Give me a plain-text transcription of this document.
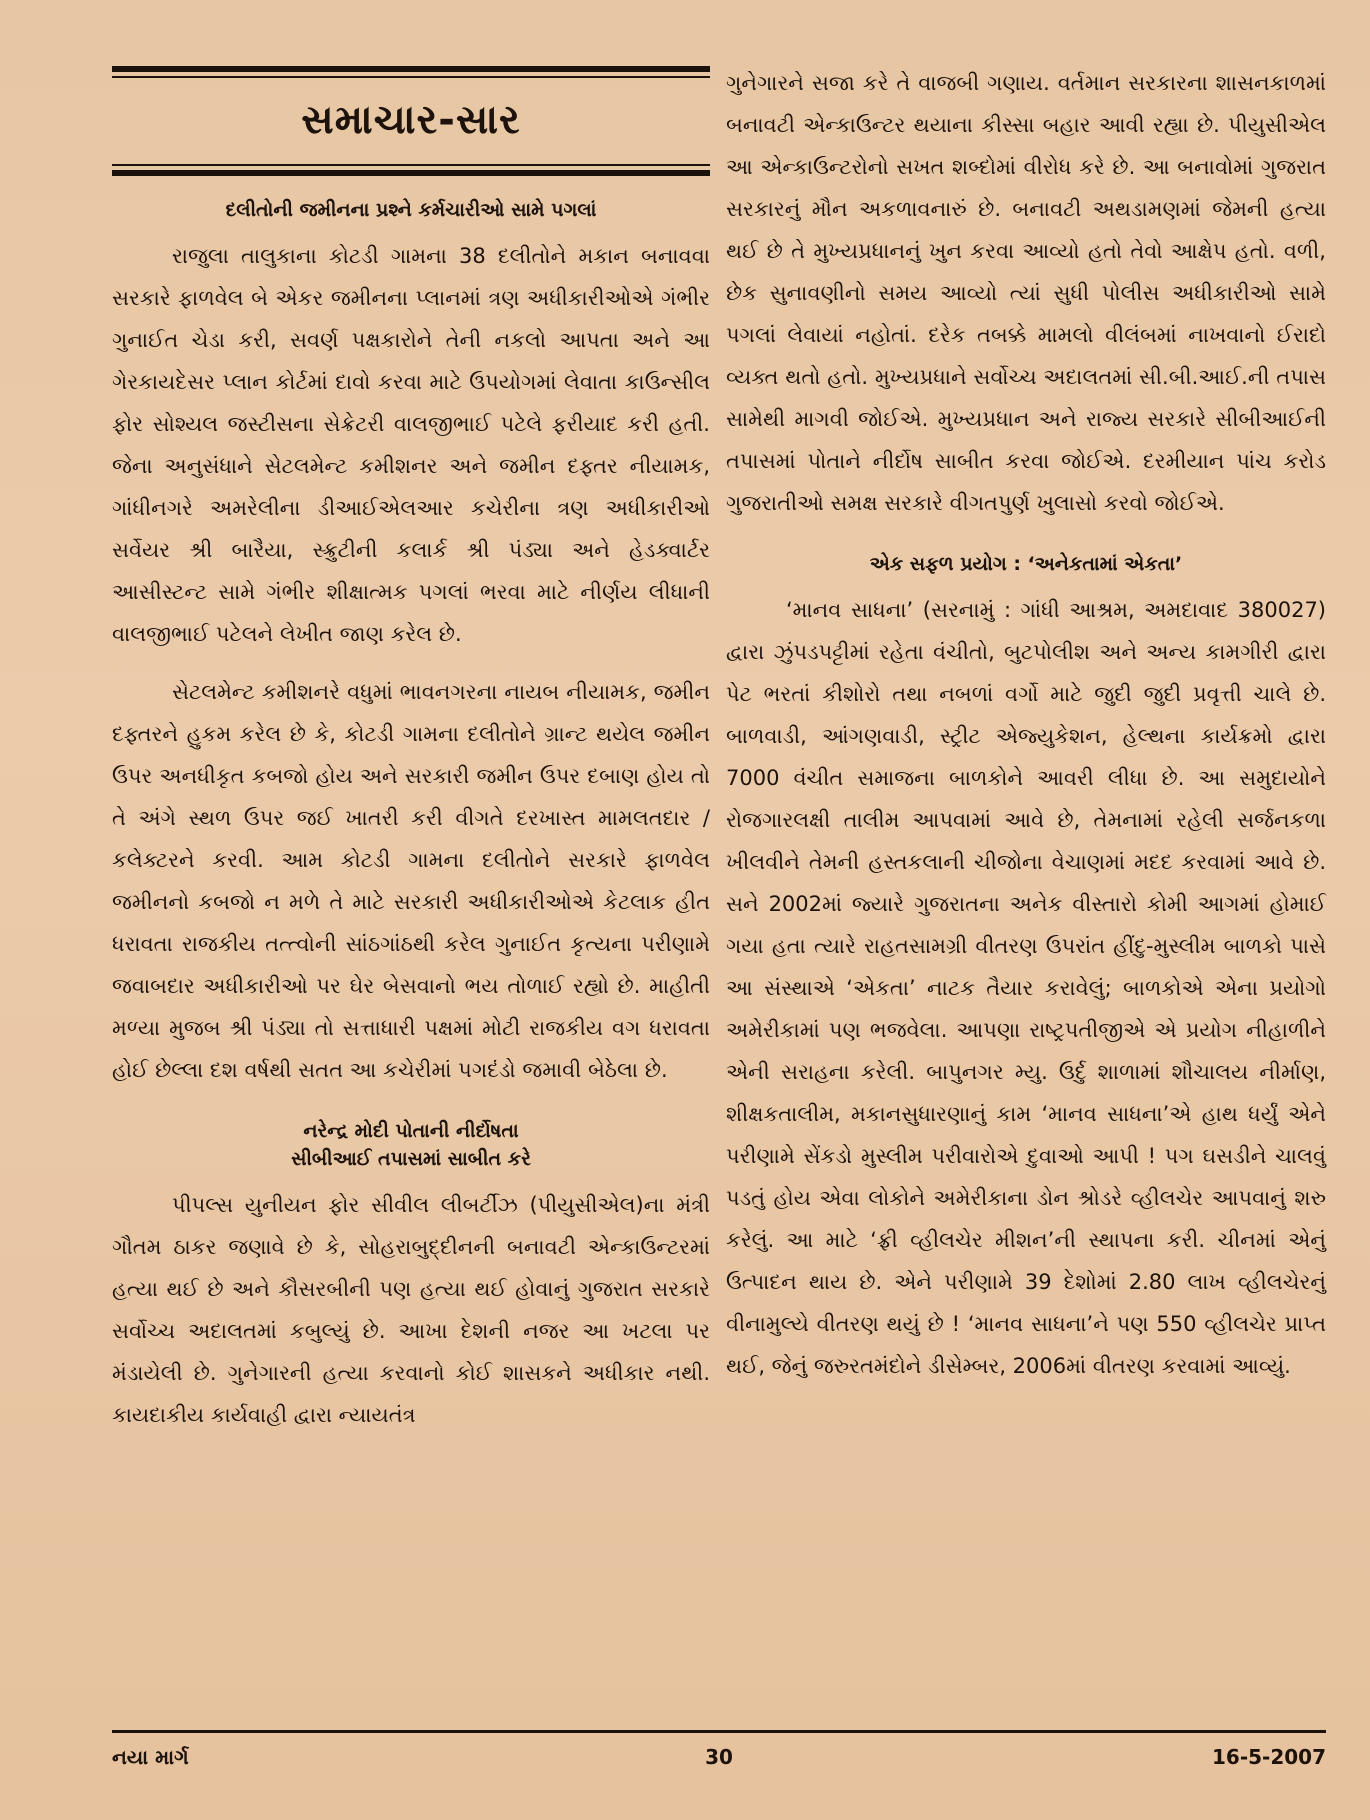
સમાચાર-સાર
દલીતોની જમીનના પ્રશ્ને કર્મચારીઓ સામે પગલાં

રાજુલા તાલુકાના કોટડી ગામના 38 દલીતોને મકાન બનાવવા સરકારે ફાળવેલ બે એકર જમીનના પ્લાનમાં ત્રણ અધીકારીઓએ ગંભીર ગુનાઈત ચેડા કરી, સવર્ણ પક્ષકારોને તેની નકલો આપતા અને આ ગેરકાયદેસર પ્લાન કોર્ટમાં દાવો કરવા માટે ઉપયોગમાં લેવાતા કાઉન્સીલ ફોર સોશ્યલ જસ્ટીસના સેક્રેટરી વાલજીભાઈ પટેલે ફરીયાદ કરી હતી. જેના અનુસંધાને સેટલમેન્ટ કમીશનર અને જમીન દફ્તર નીયામક, ગાંધીનગરે અમરેલીના ડીઆઈએલઆર કચેરીના ત્રણ અધીકારીઓ સર્વેયર શ્રી બારૈયા, સ્ક્રુટીની કલાર્ક શ્રી પંડ્યા અને હેડક્વાર્ટર આસીસ્ટન્ટ સામે ગંભીર શીક્ષાત્મક પગલાં ભરવા માટે નીર્ણય લીધાની વાલજીભાઈ પટેલને લેખીત જાણ કરેલ છે.

સેટલમેન્ટ કમીશનરે વધુમાં ભાવનગરના નાયબ નીયામક, જમીન દફ્તરને હુકમ કરેલ છે કે, કોટડી ગામના દલીતોને ગ્રાન્ટ થયેલ જમીન ઉપર અનધીકૃત કબજો હોય અને સરકારી જમીન ઉપર દબાણ હોય તો તે અંગે સ્થળ ઉપર જઈ ખાતરી કરી વીગતે દરખાસ્ત મામલતદાર /કલેક્ટરને કરવી. આમ કોટડી ગામના દલીતોને સરકારે ફાળવેલ જમીનનો કબજો ન મળે તે માટે સરકારી અધીકારીઓએ કેટલાક હીત ધરાવતા રાજકીય તત્ત્વોની સાંઠગાંઠથી કરેલ ગુનાઈત કૃત્યના પરીણામે જવાબદાર અધીકારીઓ પર ઘેર બેસવાનો ભય તોળાઈ રહ્યો છે. માહીતી મળ્યા મુજબ શ્રી પંડ્યા તો સત્તાધારી પક્ષમાં મોટી રાજકીય વગ ધરાવતા હોઈ છેલ્લા દશ વર્ષથી સતત આ કચેરીમાં પગદંડો જમાવી બેઠેલા છે.

નરેન્દ્ર મોદી પોતાની નીર્દોષતા
સીબીઆઈ તપાસમાં સાબીત કરે

પીપલ્સ યુનીયન ફોર સીવીલ લીબર્ટીઝ (પીયુસીએલ)ના મંત્રી ગૌતમ ઠાકર જણાવે છે કે, સોહરાબુદ્દીનની બનાવટી એન્કાઉન્ટરમાં હત્યા થઈ છે અને કૌસરબીની પણ હત્યા થઈ હોવાનું ગુજરાત સરકારે સર્વોચ્ચ અદાલતમાં કબુલ્યું છે. આખા દેશની નજર આ ખટલા પર મંડાયેલી છે. ગુનેગારની હત્યા કરવાનો કોઈ શાસકને અધીકાર નથી. કાયદાકીય કાર્યવાહી દ્વારા ન્યાયતંત્ર

ગુનેગારને સજા કરે તે વાજબી ગણાય. વર્તમાન સરકારના શાસનકાળમાં બનાવટી એન્કાઉન્ટર થયાના કીસ્સા બહાર આવી રહ્યા છે. પીયુસીએલ આ એન્કાઉન્ટરોનો સખત શબ્દોમાં વીરોધ કરે છે. આ બનાવોમાં ગુજરાત સરકારનું મૌન અકળાવનારું છે. બનાવટી અથડામણમાં જેમની હત્યા થઈ છે તે મુખ્યપ્રધાનનું ખુન કરવા આવ્યો હતો તેવો આક્ષેપ હતો. વળી, છેક સુનાવણીનો સમય આવ્યો ત્યાં સુધી પોલીસ અધીકારીઓ સામે પગલાં લેવાયાં નહોતાં. દરેક તબક્કે મામલો વીલંબમાં નાખવાનો ઈરાદો વ્યક્ત થતો હતો. મુખ્યપ્રધાને સર્વોચ્ચ અદાલતમાં સી.બી.આઈ.ની તપાસ સામેથી માગવી જોઈએ. મુખ્યપ્રધાન અને રાજ્ય સરકારે સીબીઆઈની તપાસમાં પોતાને નીર્દોષ સાબીત કરવા જોઈએ. દરમીયાન પાંચ કરોડ ગુજરાતીઓ સમક્ષ સરકારે વીગતપુર્ણ ખુલાસો કરવો જોઈએ.

એક સફળ પ્રયોગ : ‘અનેકતામાં એકતા’

‘માનવ સાધના’ (સરનામું : ગાંધી આશ્રમ, અમદાવાદ 380027) દ્વારા ઝુંપડપટ્ટીમાં રહેતા વંચીતો, બુટપોલીશ અને અન્ય કામગીરી દ્વારા પેટ ભરતાં કીશોરો તથા નબળાં વર્ગો માટે જુદી જુદી પ્રવૃત્તી ચાલે છે. બાળવાડી, આંગણવાડી, સ્ટ્રીટ એજ્યુકેશન, હેલ્થના કાર્યક્રમો દ્વારા 7000 વંચીત સમાજના બાળકોને આવરી લીધા છે. આ સમુદાયોને રોજગારલક્ષી તાલીમ આપવામાં આવે છે, તેમનામાં રહેલી સર્જનકળા ખીલવીને તેમની હસ્તકલાની ચીજોના વેચાણમાં મદદ કરવામાં આવે છે. સને 2002માં જ્યારે ગુજરાતના અનેક વીસ્તારો કોમી આગમાં હોમાઈ ગયા હતા ત્યારે રાહતસામગ્રી વીતરણ ઉપરાંત હીંદુ-મુસ્લીમ બાળકો પાસે આ સંસ્થાએ ‘એકતા’ નાટક તૈયાર કરાવેલું; બાળકોએ એના પ્રયોગો અમેરીકામાં પણ ભજવેલા. આપણા રાષ્ટ્રપતીજીએ એ પ્રયોગ નીહાળીને એની સરાહના કરેલી. બાપુનગર મ્યુ. ઉર્દુ શાળામાં શૌચાલય નીર્માણ, શીક્ષકતાલીમ, મકાનસુધારણાનું કામ ‘માનવ સાધના’એ હાથ ધર્યું એને પરીણામે સેંકડો મુસ્લીમ પરીવારોએ દુવાઓ આપી ! પગ ઘસડીને ચાલવું પડતું હોય એવા લોકોને અમેરીકાના ડોન શ્રોડરે વ્હીલચેર આપવાનું શરુ કરેલું. આ માટે ‘ફ્રી વ્હીલચેર મીશન’ની સ્થાપના કરી. ચીનમાં એનું ઉત્પાદન થાય છે. એને પરીણામે 39 દેશોમાં 2.80 લાખ વ્હીલચેરનું વીનામુલ્યે વીતરણ થયું છે ! ‘માનવ સાધના’ને પણ 550 વ્હીલચેર પ્રાપ્ત થઈ, જેનું જરુરતમંદોને ડીસેમ્બર, 2006માં વીતરણ કરવામાં આવ્યું.

નયા માર્ગ	30	16-5-2007
